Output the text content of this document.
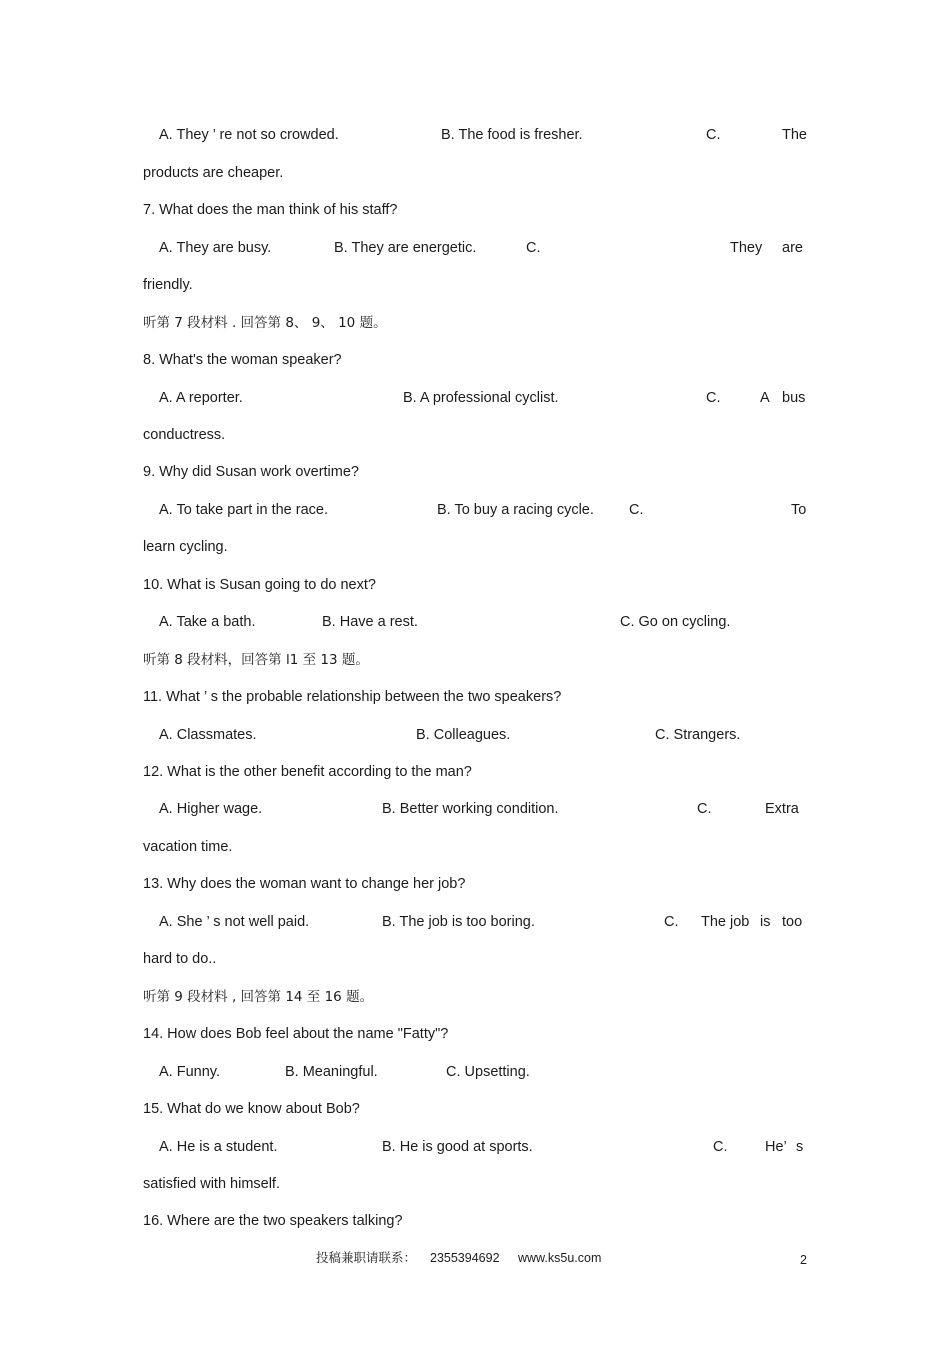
A. They ’ re not so crowded.	B. The food is fresher.	C.	The
products are cheaper.
7. What does the man think of his staff?
A. They are busy.	B. They are energetic.	C.	They are
friendly.
听第 7 段材料 . 回答第 8、 9、 10 题。
8. What's the woman speaker?
A. A reporter.	B. A professional cyclist.	C.	A bus
conductress.
9. Why did Susan work overtime?
A. To take part in the race.	B. To buy a racing cycle. C.	To
learn cycling.
10. What is Susan going to do next?
A. Take a bath.	B. Have a rest.	C. Go on cycling.
听第 8 段材料，回答第 l1 至 13 题。
11. What ’ s the probable relationship between the two speakers?
A. Classmates.	B. Colleagues.	C. Strangers.
12. What is the other benefit according to the man?
A. Higher wage.	B. Better working condition.	C.	Extra
vacation time.
13. Why does the woman want to change her job?
A. She ’ s not well paid.	B. The job is too boring.	C. The job is too
hard to do..
听第 9 段材料 , 回答第 14 至 16 题。
14. How does Bob feel about the name "Fatty"?
A. Funny.	B. Meaningful.	C. Upsetting.
15. What do we know about Bob?
A. He is a student.	B. He is good at sports.	C.	He’ s
satisfied with himself.
16. Where are the two speakers talking?
投稿兼职请联系： 2355394692 www.ks5u.com	2
